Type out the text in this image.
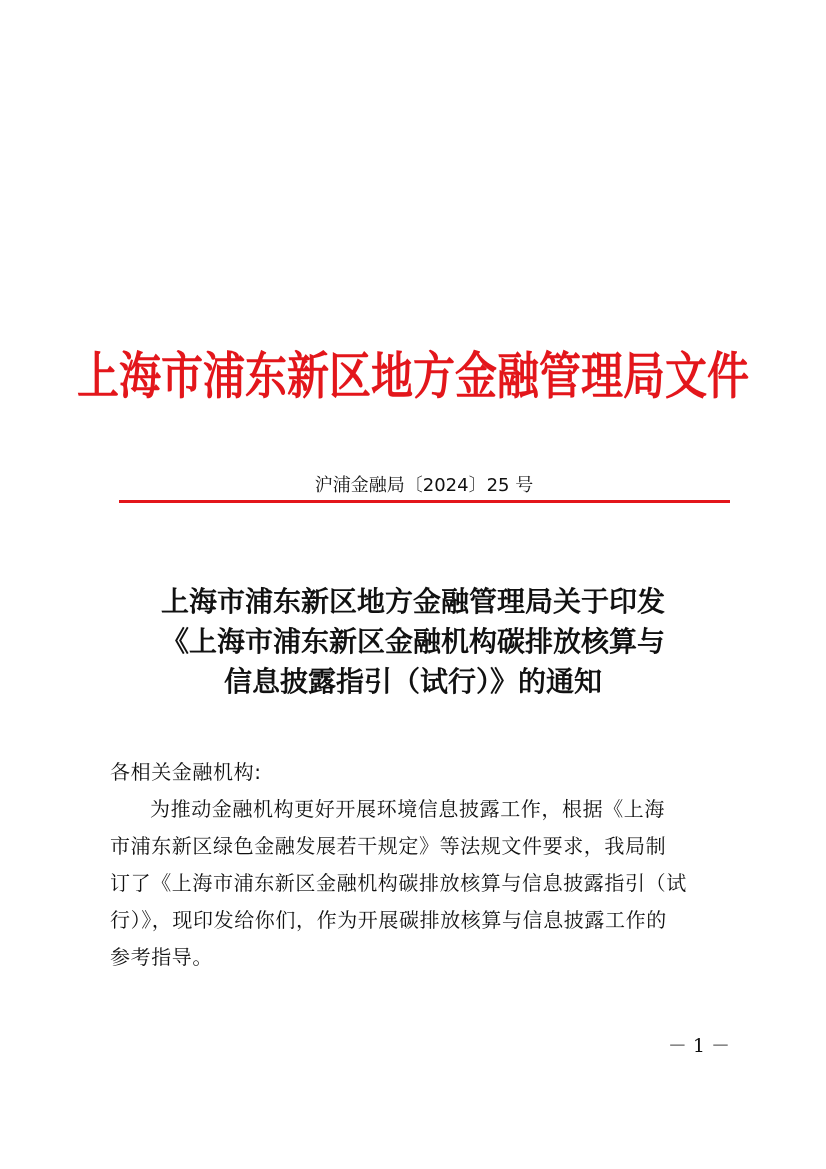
上海市浦东新区地方金融管理局文件
沪浦金融局〔2024〕25 号
上海市浦东新区地方金融管理局关于印发
《上海市浦东新区金融机构碳排放核算与
信息披露指引（试行）》的通知

各相关金融机构:

为推动金融机构更好开展环境信息披露工作，根据《上海

市浦东新区绿色金融发展若干规定》等法规文件要求，我局制

订了《上海市浦东新区金融机构碳排放核算与信息披露指引（试

行）》，现印发给你们，作为开展碳排放核算与信息披露工作的

参考指导。

－ 1 －
